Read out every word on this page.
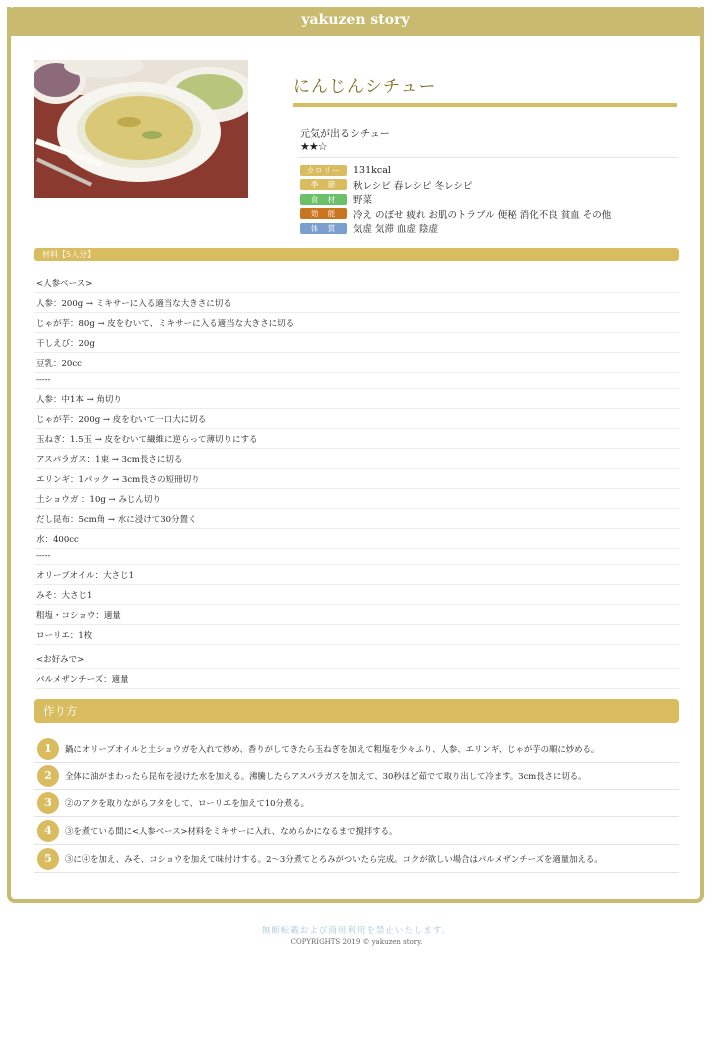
yakuzen story
にんじんシチュー
元気が出るシチュー
★★☆
カロリー	131kcal
季　節	秋レシピ 春レシピ 冬レシピ
食　材	野菜
効　能	冷え のぼせ 疲れ お肌のトラブル 便秘 消化不良 貧血 その他
体　質	気虚 気滞 血虚 陰虚
材料【5人分】
<人参ベース>
人参：200g → ミキサーに入る適当な大きさに切る
じゃが芋：80g → 皮をむいて、ミキサーに入る適当な大きさに切る
干しえび：20g
豆乳：20cc
-----
人参：中1本 → 角切り
じゃが芋：200g → 皮をむいて一口大に切る
玉ねぎ：1.5玉 → 皮をむいて繊維に逆らって薄切りにする
アスパラガス：1束 → 3cm長さに切る
エリンギ：1パック → 3cm長さの短冊切り
土ショウガ ：10g → みじん切り
だし昆布：5cm角 → 水に浸けて30分置く
水：400cc
-----
オリーブオイル：大さじ1
みそ：大さじ1
粗塩・コショウ：適量
ローリエ：1枚
<お好みで>
パルメザンチーズ：適量
作り方
1	鍋にオリーブオイルと土ショウガを入れて炒め、香りがしてきたら玉ねぎを加えて粗塩を少々ふり、人参、エリンギ、じゃが芋の順に炒める。
2	全体に油がまわったら昆布を浸けた水を加える。沸騰したらアスパラガスを加えて、30秒ほど茹でて取り出して冷ます。3cm長さに切る。
3	②のアクを取りながらフタをして、ローリエを加えて10分煮る。
4	③を煮ている間に<人参ベース>材料をミキサーに入れ、なめらかになるまで撹拌する。
5	③に④を加え、みそ、コショウを加えて味付けする。2〜3分煮てとろみがついたら完成。コクが欲しい場合はパルメザンチーズを適量加える。
無断転載および商用利用を禁止いたします。
COPYRIGHTS 2019 © yakuzen story.
